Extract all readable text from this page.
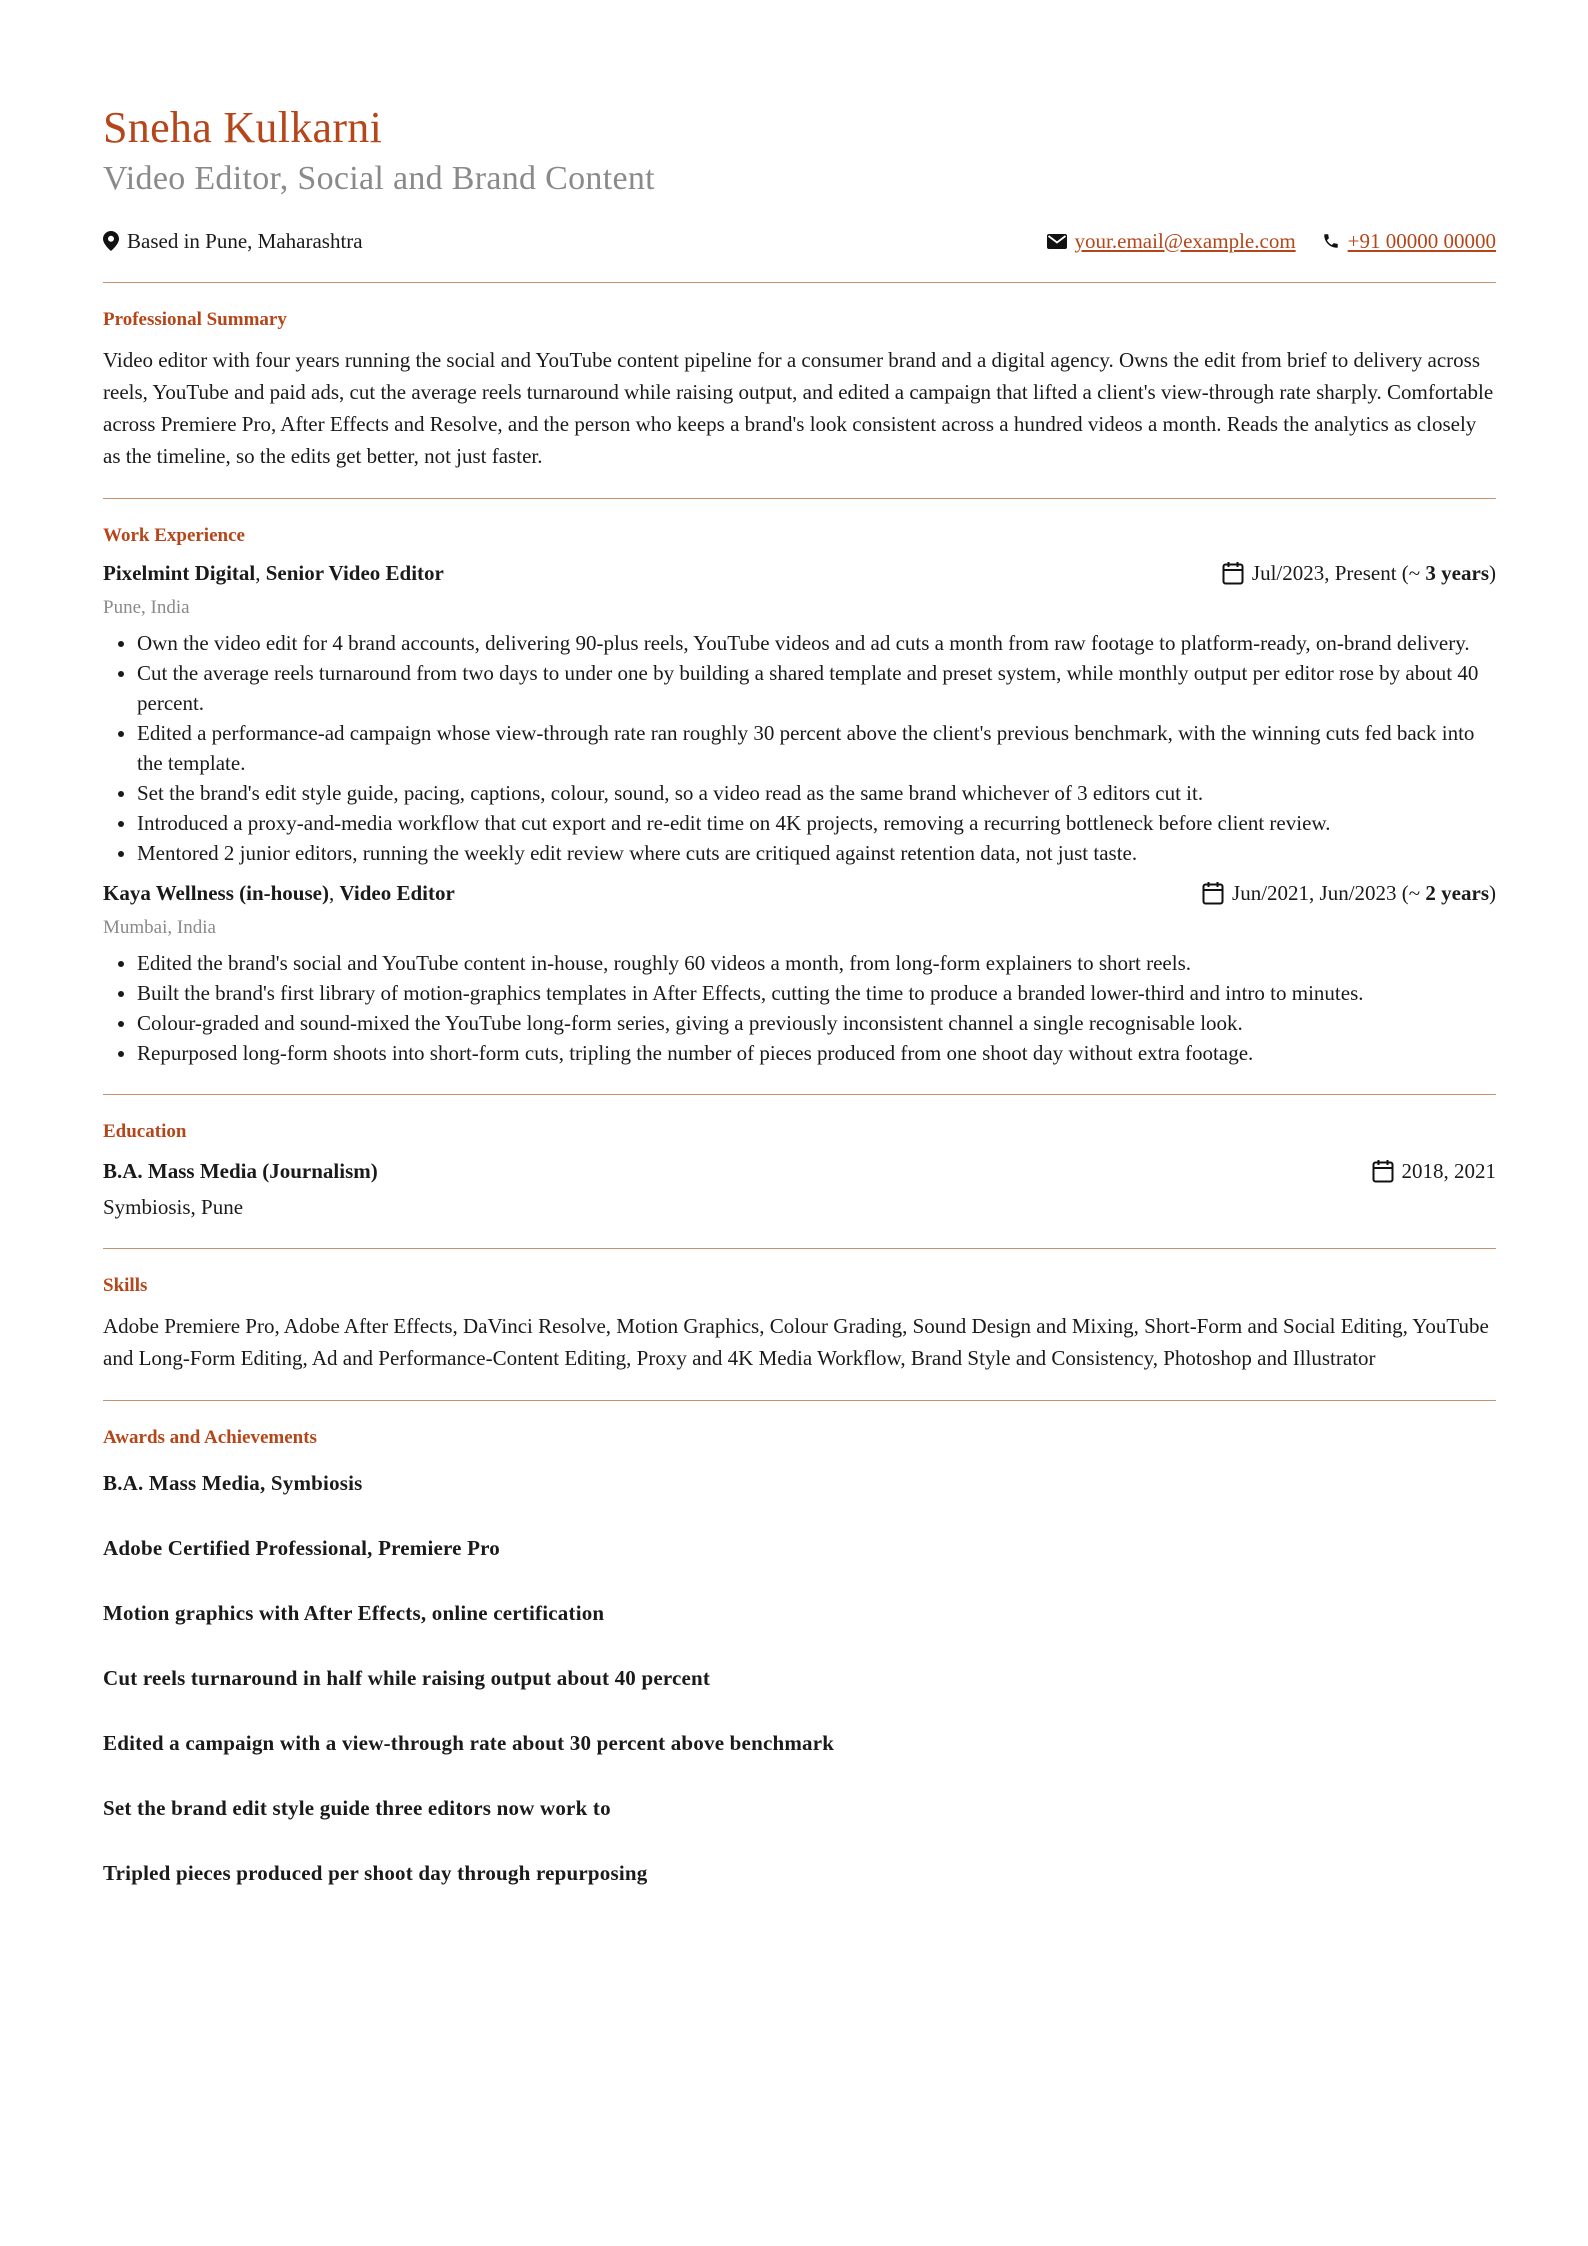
Sneha Kulkarni
Video Editor, Social and Brand Content
Based in Pune, Maharashtra	your.email@example.com +91 00000 00000
Professional Summary

Video editor with four years running the social and YouTube content pipeline for a consumer brand and a digital agency. Owns the edit from brief to delivery across reels, YouTube and paid ads, cut the average reels turnaround while raising output, and edited a campaign that lifted a client's view-through rate sharply. Comfortable across Premiere Pro, After Effects and Resolve, and the person who keeps a brand's look consistent across a hundred videos a month. Reads the analytics as closely as the timeline, so the edits get better, not just faster.

Work Experience
Pixelmint Digital, Senior Video Editor	Jul/2023, Present (~ 3 years)
Pune, India
• Own the video edit for 4 brand accounts, delivering 90-plus reels, YouTube videos and ad cuts a month from raw footage to platform-ready, on-brand delivery.
• Cut the average reels turnaround from two days to under one by building a shared template and preset system, while monthly output per editor rose by about 40 percent.
• Edited a performance-ad campaign whose view-through rate ran roughly 30 percent above the client's previous benchmark, with the winning cuts fed back into the template.
• Set the brand's edit style guide, pacing, captions, colour, sound, so a video read as the same brand whichever of 3 editors cut it.
• Introduced a proxy-and-media workflow that cut export and re-edit time on 4K projects, removing a recurring bottleneck before client review.
• Mentored 2 junior editors, running the weekly edit review where cuts are critiqued against retention data, not just taste.
Kaya Wellness (in-house), Video Editor	Jun/2021, Jun/2023 (~ 2 years)
Mumbai, India
• Edited the brand's social and YouTube content in-house, roughly 60 videos a month, from long-form explainers to short reels.
• Built the brand's first library of motion-graphics templates in After Effects, cutting the time to produce a branded lower-third and intro to minutes.
• Colour-graded and sound-mixed the YouTube long-form series, giving a previously inconsistent channel a single recognisable look.
• Repurposed long-form shoots into short-form cuts, tripling the number of pieces produced from one shoot day without extra footage.
Education
B.A. Mass Media (Journalism)	2018, 2021
Symbiosis, Pune
Skills

Adobe Premiere Pro, Adobe After Effects, DaVinci Resolve, Motion Graphics, Colour Grading, Sound Design and Mixing, Short-Form and Social Editing, YouTube and Long-Form Editing, Ad and Performance-Content Editing, Proxy and 4K Media Workflow, Brand Style and Consistency, Photoshop and Illustrator

Awards and Achievements
B.A. Mass Media, Symbiosis
Adobe Certified Professional, Premiere Pro
Motion graphics with After Effects, online certification
Cut reels turnaround in half while raising output about 40 percent
Edited a campaign with a view-through rate about 30 percent above benchmark
Set the brand edit style guide three editors now work to
Tripled pieces produced per shoot day through repurposing
